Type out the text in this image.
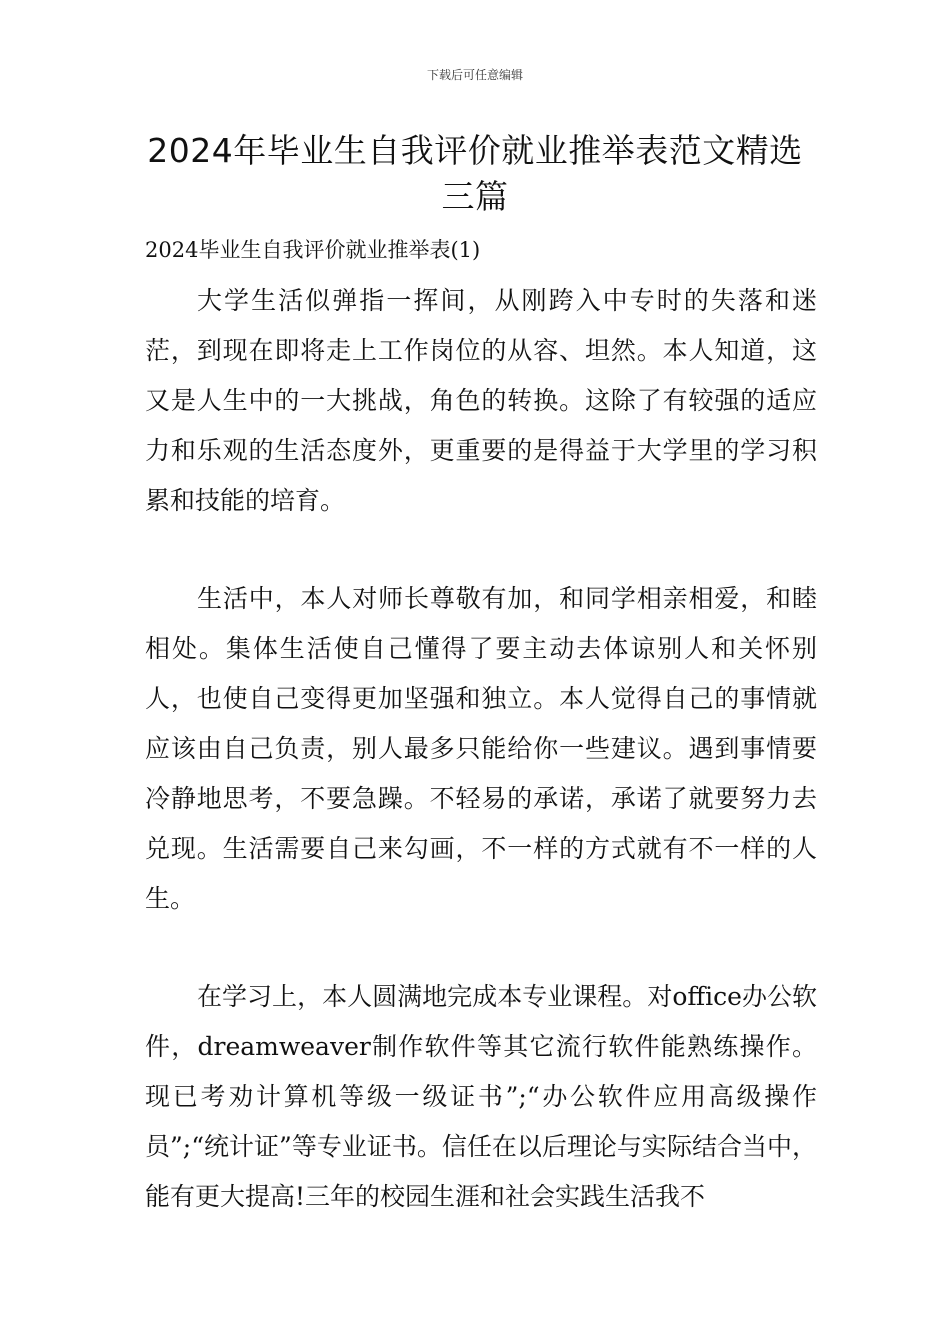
下载后可任意编辑
2024年毕业生自我评价就业推举表范文精选三篇
2024毕业生自我评价就业推举表(1)

大学生活似弹指一挥间，从刚跨入中专时的失落和迷茫，到现在即将走上工作岗位的从容、坦然。本人知道，这又是人生中的一大挑战，角色的转换。这除了有较强的适应力和乐观的生活态度外，更重要的是得益于大学里的学习积累和技能的培育。

生活中，本人对师长尊敬有加，和同学相亲相爱，和睦相处。集体生活使自己懂得了要主动去体谅别人和关怀别人，也使自己变得更加坚强和独立。本人觉得自己的事情就应该由自己负责，别人最多只能给你一些建议。遇到事情要冷静地思考，不要急躁。不轻易的承诺，承诺了就要努力去兑现。生活需要自己来勾画，不一样的方式就有不一样的人生。

在学习上，本人圆满地完成本专业课程。对office办公软件，dreamweaver制作软件等其它流行软件能熟练操作。现已考劝计算机等级一级证书”;“办公软件应用高级操作员”;“统计证”等专业证书。信任在以后理论与实际结合当中，能有更大提高!三年的校园生涯和社会实践生活我不
